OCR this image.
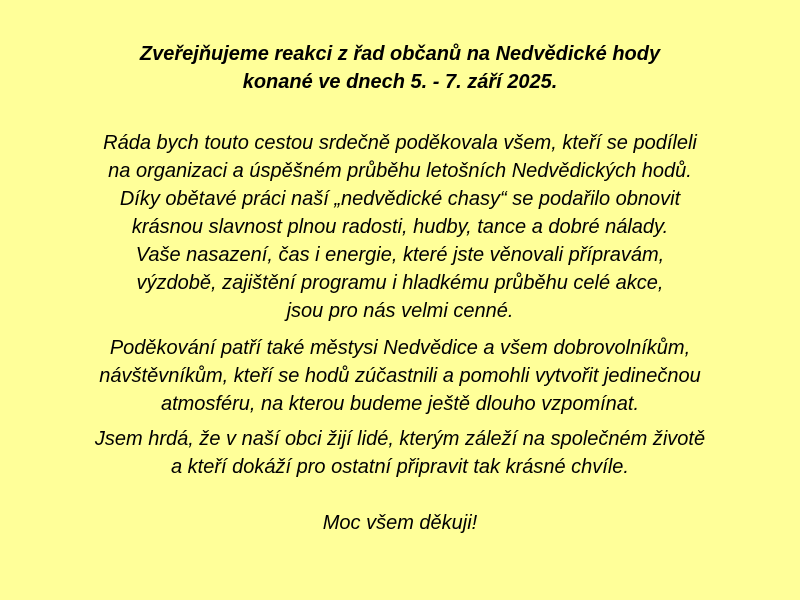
Zveřejňujeme reakci z řad občanů na Nedvědické hody
konané ve dnech 5. - 7. září 2025.

Ráda bych touto cestou srdečně poděkovala všem, kteří se podíleli
na organizaci a úspěšném průběhu letošních Nedvědických hodů.
Díky obětavé práci naší „nedvědické chasy“ se podařilo obnovit
krásnou slavnost plnou radosti, hudby, tance a dobré nálady.
Vaše nasazení, čas i energie, které jste věnovali přípravám,
výzdobě, zajištění programu i hladkému průběhu celé akce,
jsou pro nás velmi cenné.

Poděkování patří také městysi Nedvědice a všem dobrovolníkům,
návštěvníkům, kteří se hodů zúčastnili a pomohli vytvořit jedinečnou
atmosféru, na kterou budeme ještě dlouho vzpomínat.

Jsem hrdá, že v naší obci žijí lidé, kterým záleží na společném životě
a kteří dokáží pro ostatní připravit tak krásné chvíle.

Moc všem děkuji!
